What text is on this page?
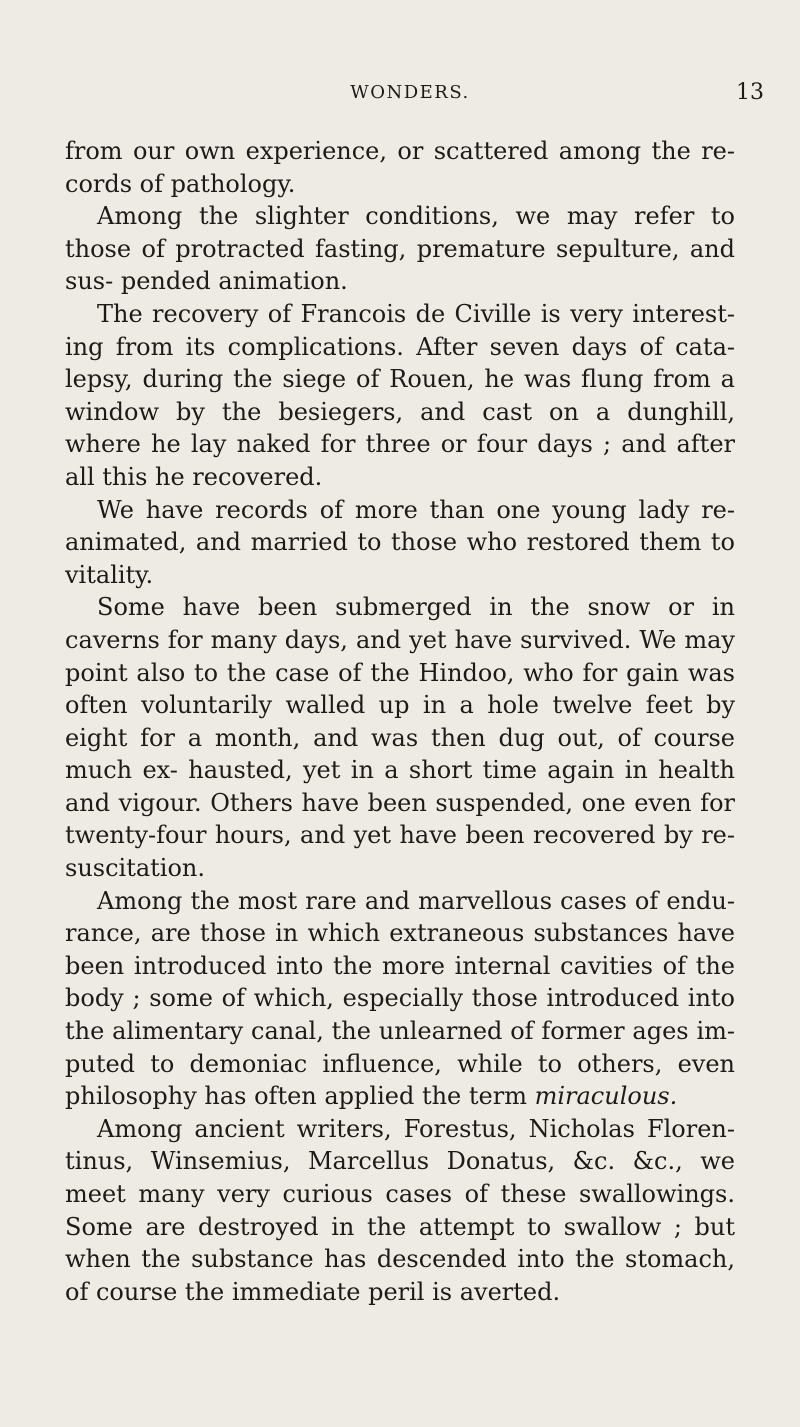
WONDERS.	13

from our own experience, or scattered among the re- cords of pathology.

Among the slighter conditions, we may refer to those of protracted fasting, premature sepulture, and sus- pended animation.

The recovery of Francois de Civille is very interest- ing from its complications. After seven days of cata- lepsy, during the siege of Rouen, he was flung from a window by the besiegers, and cast on a dunghill, where he lay naked for three or four days ; and after all this he recovered.

We have records of more than one young lady re- animated, and married to those who restored them to vitality.

Some have been submerged in the snow or in caverns for many days, and yet have survived. We may point also to the case of the Hindoo, who for gain was often voluntarily walled up in a hole twelve feet by eight for a month, and was then dug out, of course much ex- hausted, yet in a short time again in health and vigour. Others have been suspended, one even for twenty-four hours, and yet have been recovered by re- suscitation.

Among the most rare and marvellous cases of endu- rance, are those in which extraneous substances have been introduced into the more internal cavities of the body ; some of which, especially those introduced into the alimentary canal, the unlearned of former ages im- puted to demoniac influence, while to others, even philosophy has often applied the term miraculous.

Among ancient writers, Forestus, Nicholas Floren- tinus, Winsemius, Marcellus Donatus, &c. &c., we meet many very curious cases of these swallowings. Some are destroyed in the attempt to swallow ; but when the substance has descended into the stomach, of course the immediate peril is averted.
